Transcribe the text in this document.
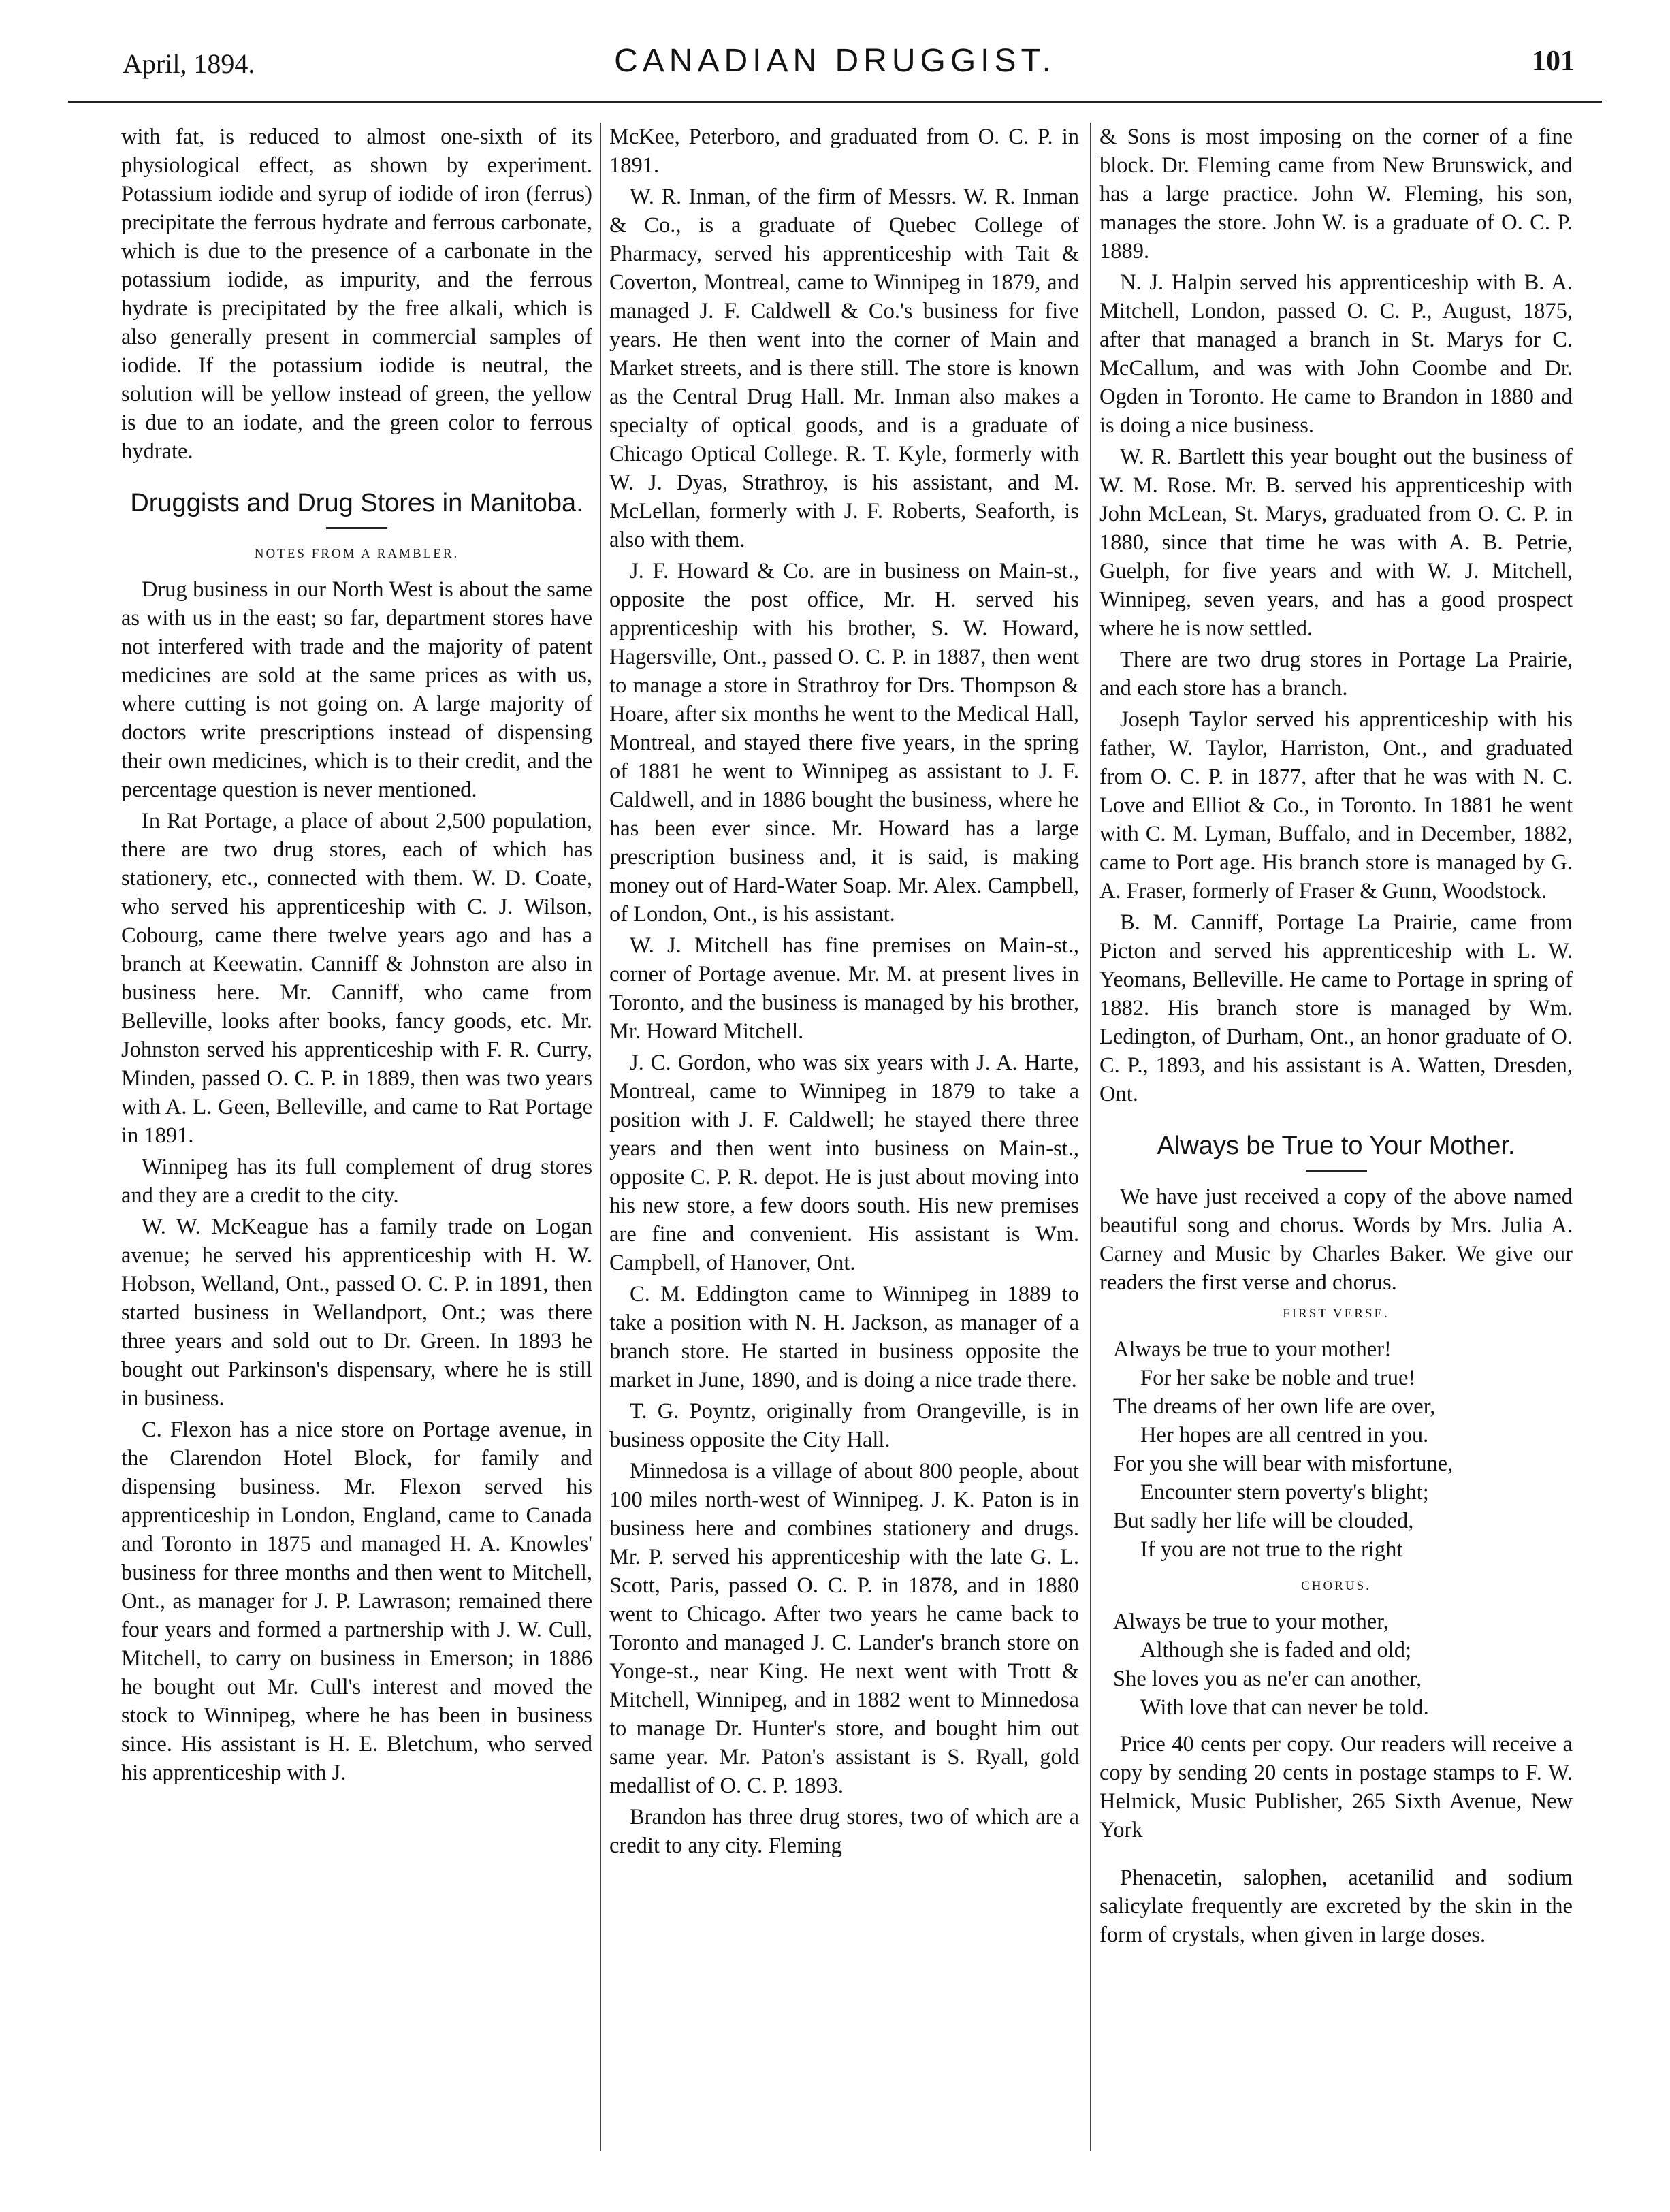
April, 1894.	CANADIAN DRUGGIST.	101

with fat, is reduced to almost one-sixth of its physiological effect, as shown by experiment. Potassium iodide and syrup of iodide of iron (ferrus) precipitate the ferrous hydrate and ferrous carbonate, which is due to the presence of a carbonate in the potassium iodide, as impurity, and the ferrous hydrate is precipitated by the free alkali, which is also generally present in commercial samples of iodide. If the potassium iodide is neutral, the solution will be yellow instead of green, the yellow is due to an iodate, and the green color to ferrous hydrate.

Druggists and Drug Stores in Manitoba.
NOTES FROM A RAMBLER.

Drug business in our North West is about the same as with us in the east; so far, department stores have not interfered with trade and the majority of patent medicines are sold at the same prices as with us, where cutting is not going on. A large majority of doctors write prescriptions instead of dispensing their own medicines, which is to their credit, and the percentage question is never mentioned.

In Rat Portage, a place of about 2,500 population, there are two drug stores, each of which has stationery, etc., connected with them. W. D. Coate, who served his apprenticeship with C. J. Wilson, Cobourg, came there twelve years ago and has a branch at Keewatin. Canniff & Johnston are also in business here. Mr. Canniff, who came from Belleville, looks after books, fancy goods, etc. Mr. Johnston served his apprenticeship with F. R. Curry, Minden, passed O. C. P. in 1889, then was two years with A. L. Geen, Belleville, and came to Rat Portage in 1891.

Winnipeg has its full complement of drug stores and they are a credit to the city.

W. W. McKeague has a family trade on Logan avenue; he served his apprenticeship with H. W. Hobson, Welland, Ont., passed O. C. P. in 1891, then started business in Wellandport, Ont.; was there three years and sold out to Dr. Green. In 1893 he bought out Parkinson's dispensary, where he is still in business.

C. Flexon has a nice store on Portage avenue, in the Clarendon Hotel Block, for family and dispensing business. Mr. Flexon served his apprenticeship in London, England, came to Canada and Toronto in 1875 and managed H. A. Knowles' business for three months and then went to Mitchell, Ont., as manager for J. P. Lawrason; remained there four years and formed a partnership with J. W. Cull, Mitchell, to carry on business in Emerson; in 1886 he bought out Mr. Cull's interest and moved the stock to Winnipeg, where he has been in business since. His assistant is H. E. Bletchum, who served his apprenticeship with J.

McKee, Peterboro, and graduated from O. C. P. in 1891.

W. R. Inman, of the firm of Messrs. W. R. Inman & Co., is a graduate of Quebec College of Pharmacy, served his apprenticeship with Tait & Coverton, Montreal, came to Winnipeg in 1879, and managed J. F. Caldwell & Co.'s business for five years. He then went into the corner of Main and Market streets, and is there still. The store is known as the Central Drug Hall. Mr. Inman also makes a specialty of optical goods, and is a graduate of Chicago Optical College. R. T. Kyle, formerly with W. J. Dyas, Strathroy, is his assistant, and M. McLellan, formerly with J. F. Roberts, Seaforth, is also with them.

J. F. Howard & Co. are in business on Main-st., opposite the post office, Mr. H. served his apprenticeship with his brother, S. W. Howard, Hagersville, Ont., passed O. C. P. in 1887, then went to manage a store in Strathroy for Drs. Thompson & Hoare, after six months he went to the Medical Hall, Montreal, and stayed there five years, in the spring of 1881 he went to Winnipeg as assistant to J. F. Caldwell, and in 1886 bought the business, where he has been ever since. Mr. Howard has a large prescription business and, it is said, is making money out of Hard-Water Soap. Mr. Alex. Campbell, of London, Ont., is his assistant.

W. J. Mitchell has fine premises on Main-st., corner of Portage avenue. Mr. M. at present lives in Toronto, and the business is managed by his brother, Mr. Howard Mitchell.

J. C. Gordon, who was six years with J. A. Harte, Montreal, came to Winnipeg in 1879 to take a position with J. F. Caldwell; he stayed there three years and then went into business on Main-st., opposite C. P. R. depot. He is just about moving into his new store, a few doors south. His new premises are fine and convenient. His assistant is Wm. Campbell, of Hanover, Ont.

C. M. Eddington came to Winnipeg in 1889 to take a position with N. H. Jackson, as manager of a branch store. He started in business opposite the market in June, 1890, and is doing a nice trade there.

T. G. Poyntz, originally from Orangeville, is in business opposite the City Hall.

Minnedosa is a village of about 800 people, about 100 miles north-west of Winnipeg. J. K. Paton is in business here and combines stationery and drugs. Mr. P. served his apprenticeship with the late G. L. Scott, Paris, passed O. C. P. in 1878, and in 1880 went to Chicago. After two years he came back to Toronto and managed J. C. Lander's branch store on Yonge-st., near King. He next went with Trott & Mitchell, Winnipeg, and in 1882 went to Minnedosa to manage Dr. Hunter's store, and bought him out same year. Mr. Paton's assistant is S. Ryall, gold medallist of O. C. P. 1893.

Brandon has three drug stores, two of which are a credit to any city. Fleming

& Sons is most imposing on the corner of a fine block. Dr. Fleming came from New Brunswick, and has a large practice. John W. Fleming, his son, manages the store. John W. is a graduate of O. C. P. 1889.

N. J. Halpin served his apprenticeship with B. A. Mitchell, London, passed O. C. P., August, 1875, after that managed a branch in St. Marys for C. McCallum, and was with John Coombe and Dr. Ogden in Toronto. He came to Brandon in 1880 and is doing a nice business.

W. R. Bartlett this year bought out the business of W. M. Rose. Mr. B. served his apprenticeship with John McLean, St. Marys, graduated from O. C. P. in 1880, since that time he was with A. B. Petrie, Guelph, for five years and with W. J. Mitchell, Winnipeg, seven years, and has a good prospect where he is now settled.

There are two drug stores in Portage La Prairie, and each store has a branch.

Joseph Taylor served his apprenticeship with his father, W. Taylor, Harriston, Ont., and graduated from O. C. P. in 1877, after that he was with N. C. Love and Elliot & Co., in Toronto. In 1881 he went with C. M. Lyman, Buffalo, and in December, 1882, came to Port age. His branch store is managed by G. A. Fraser, formerly of Fraser & Gunn, Woodstock.

B. M. Canniff, Portage La Prairie, came from Picton and served his apprenticeship with L. W. Yeomans, Belleville. He came to Portage in spring of 1882. His branch store is managed by Wm. Ledington, of Durham, Ont., an honor graduate of O. C. P., 1893, and his assistant is A. Watten, Dresden, Ont.

Always be True to Your Mother.

We have just received a copy of the above named beautiful song and chorus. Words by Mrs. Julia A. Carney and Music by Charles Baker. We give our readers the first verse and chorus.

FIRST VERSE.
Always be true to your mother!
For her sake be noble and true!
The dreams of her own life are over,
Her hopes are all centred in you.
For you she will bear with misfortune,
Encounter stern poverty's blight;
But sadly her life will be clouded,
If you are not true to the right
CHORUS.
Always be true to your mother,
Although she is faded and old;
She loves you as ne'er can another,
With love that can never be told.

Price 40 cents per copy. Our readers will receive a copy by sending 20 cents in postage stamps to F. W. Helmick, Music Publisher, 265 Sixth Avenue, New York

Phenacetin, salophen, acetanilid and sodium salicylate frequently are excreted by the skin in the form of crystals, when given in large doses.
